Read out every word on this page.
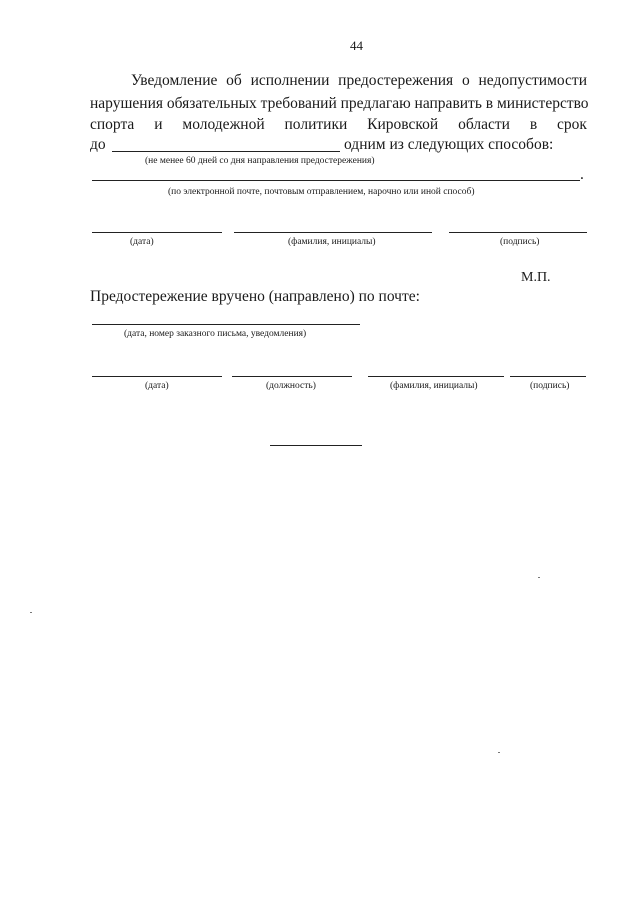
44
Уведомление об исполнении предостережения о недопустимости
нарушения обязательных требований предлагаю направить в министерство
спорта и молодежной политики Кировской области в срок
до	одним из следующих способов:
(не менее 60 дней со дня направления предостережения)
.
(по электронной почте, почтовым отправлением, нарочно или иной способ)
(дата)	(фамилия, инициалы)	(подпись)
М.П.
Предостережение вручено (направлено) по почте:
(дата, номер заказного письма, уведомления)
(дата)	(должность)	(фамилия, инициалы)	(подпись)
